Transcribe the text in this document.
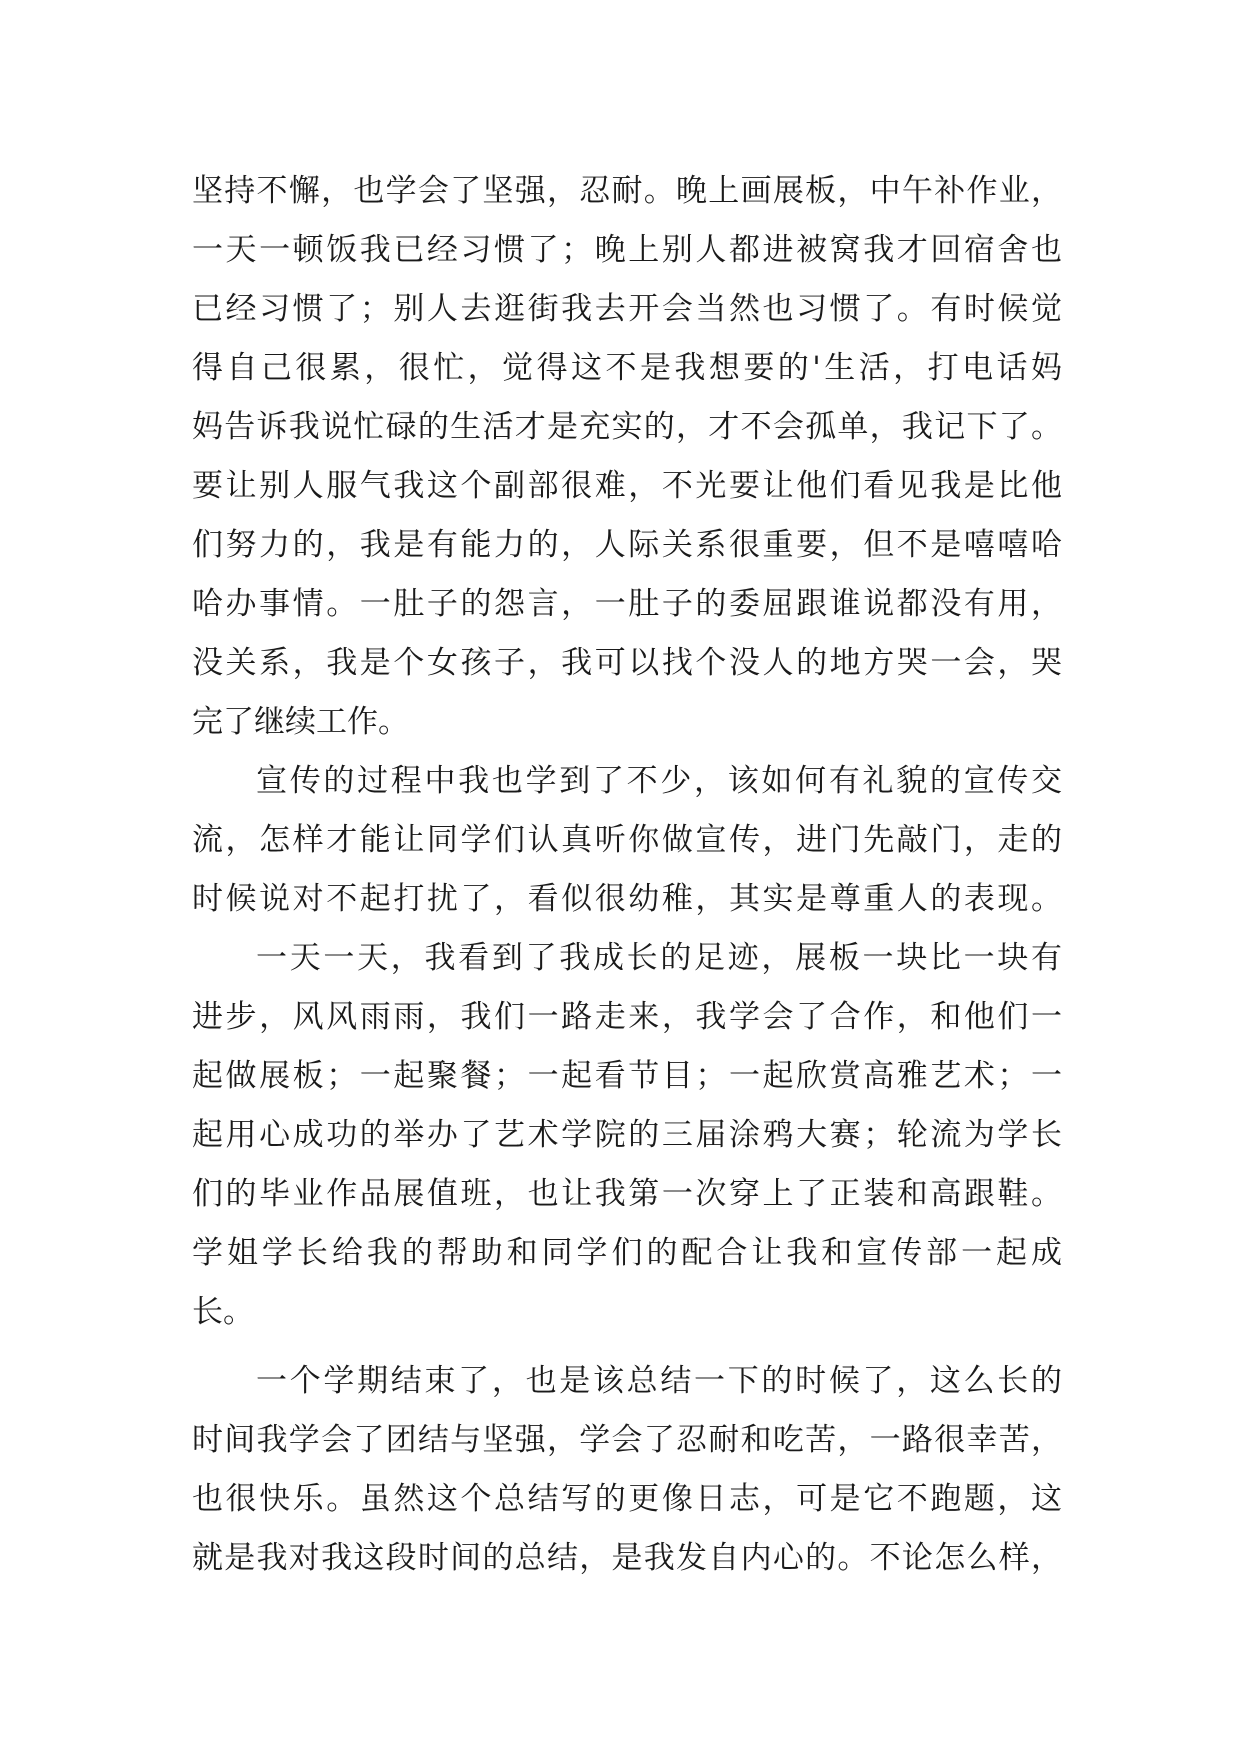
坚持不懈，也学会了坚强，忍耐。晚上画展板，中午补作业，
一天一顿饭我已经习惯了；晚上别人都进被窝我才回宿舍也
已经习惯了；别人去逛街我去开会当然也习惯了。有时候觉
得自己很累，很忙，觉得这不是我想要的'生活，打电话妈
妈告诉我说忙碌的生活才是充实的，才不会孤单，我记下了。
要让别人服气我这个副部很难，不光要让他们看见我是比他
们努力的，我是有能力的，人际关系很重要，但不是嘻嘻哈
哈办事情。一肚子的怨言，一肚子的委屈跟谁说都没有用，
没关系，我是个女孩子，我可以找个没人的地方哭一会，哭
完了继续工作。
宣传的过程中我也学到了不少，该如何有礼貌的宣传交
流，怎样才能让同学们认真听你做宣传，进门先敲门，走的
时候说对不起打扰了，看似很幼稚，其实是尊重人的表现。
一天一天，我看到了我成长的足迹，展板一块比一块有
进步，风风雨雨，我们一路走来，我学会了合作，和他们一
起做展板；一起聚餐；一起看节目；一起欣赏高雅艺术；一
起用心成功的举办了艺术学院的三届涂鸦大赛；轮流为学长
们的毕业作品展值班，也让我第一次穿上了正装和高跟鞋。
学姐学长给我的帮助和同学们的配合让我和宣传部一起成
长。
一个学期结束了，也是该总结一下的时候了，这么长的
时间我学会了团结与坚强，学会了忍耐和吃苦，一路很幸苦，
也很快乐。虽然这个总结写的更像日志，可是它不跑题，这
就是我对我这段时间的总结，是我发自内心的。不论怎么样，
